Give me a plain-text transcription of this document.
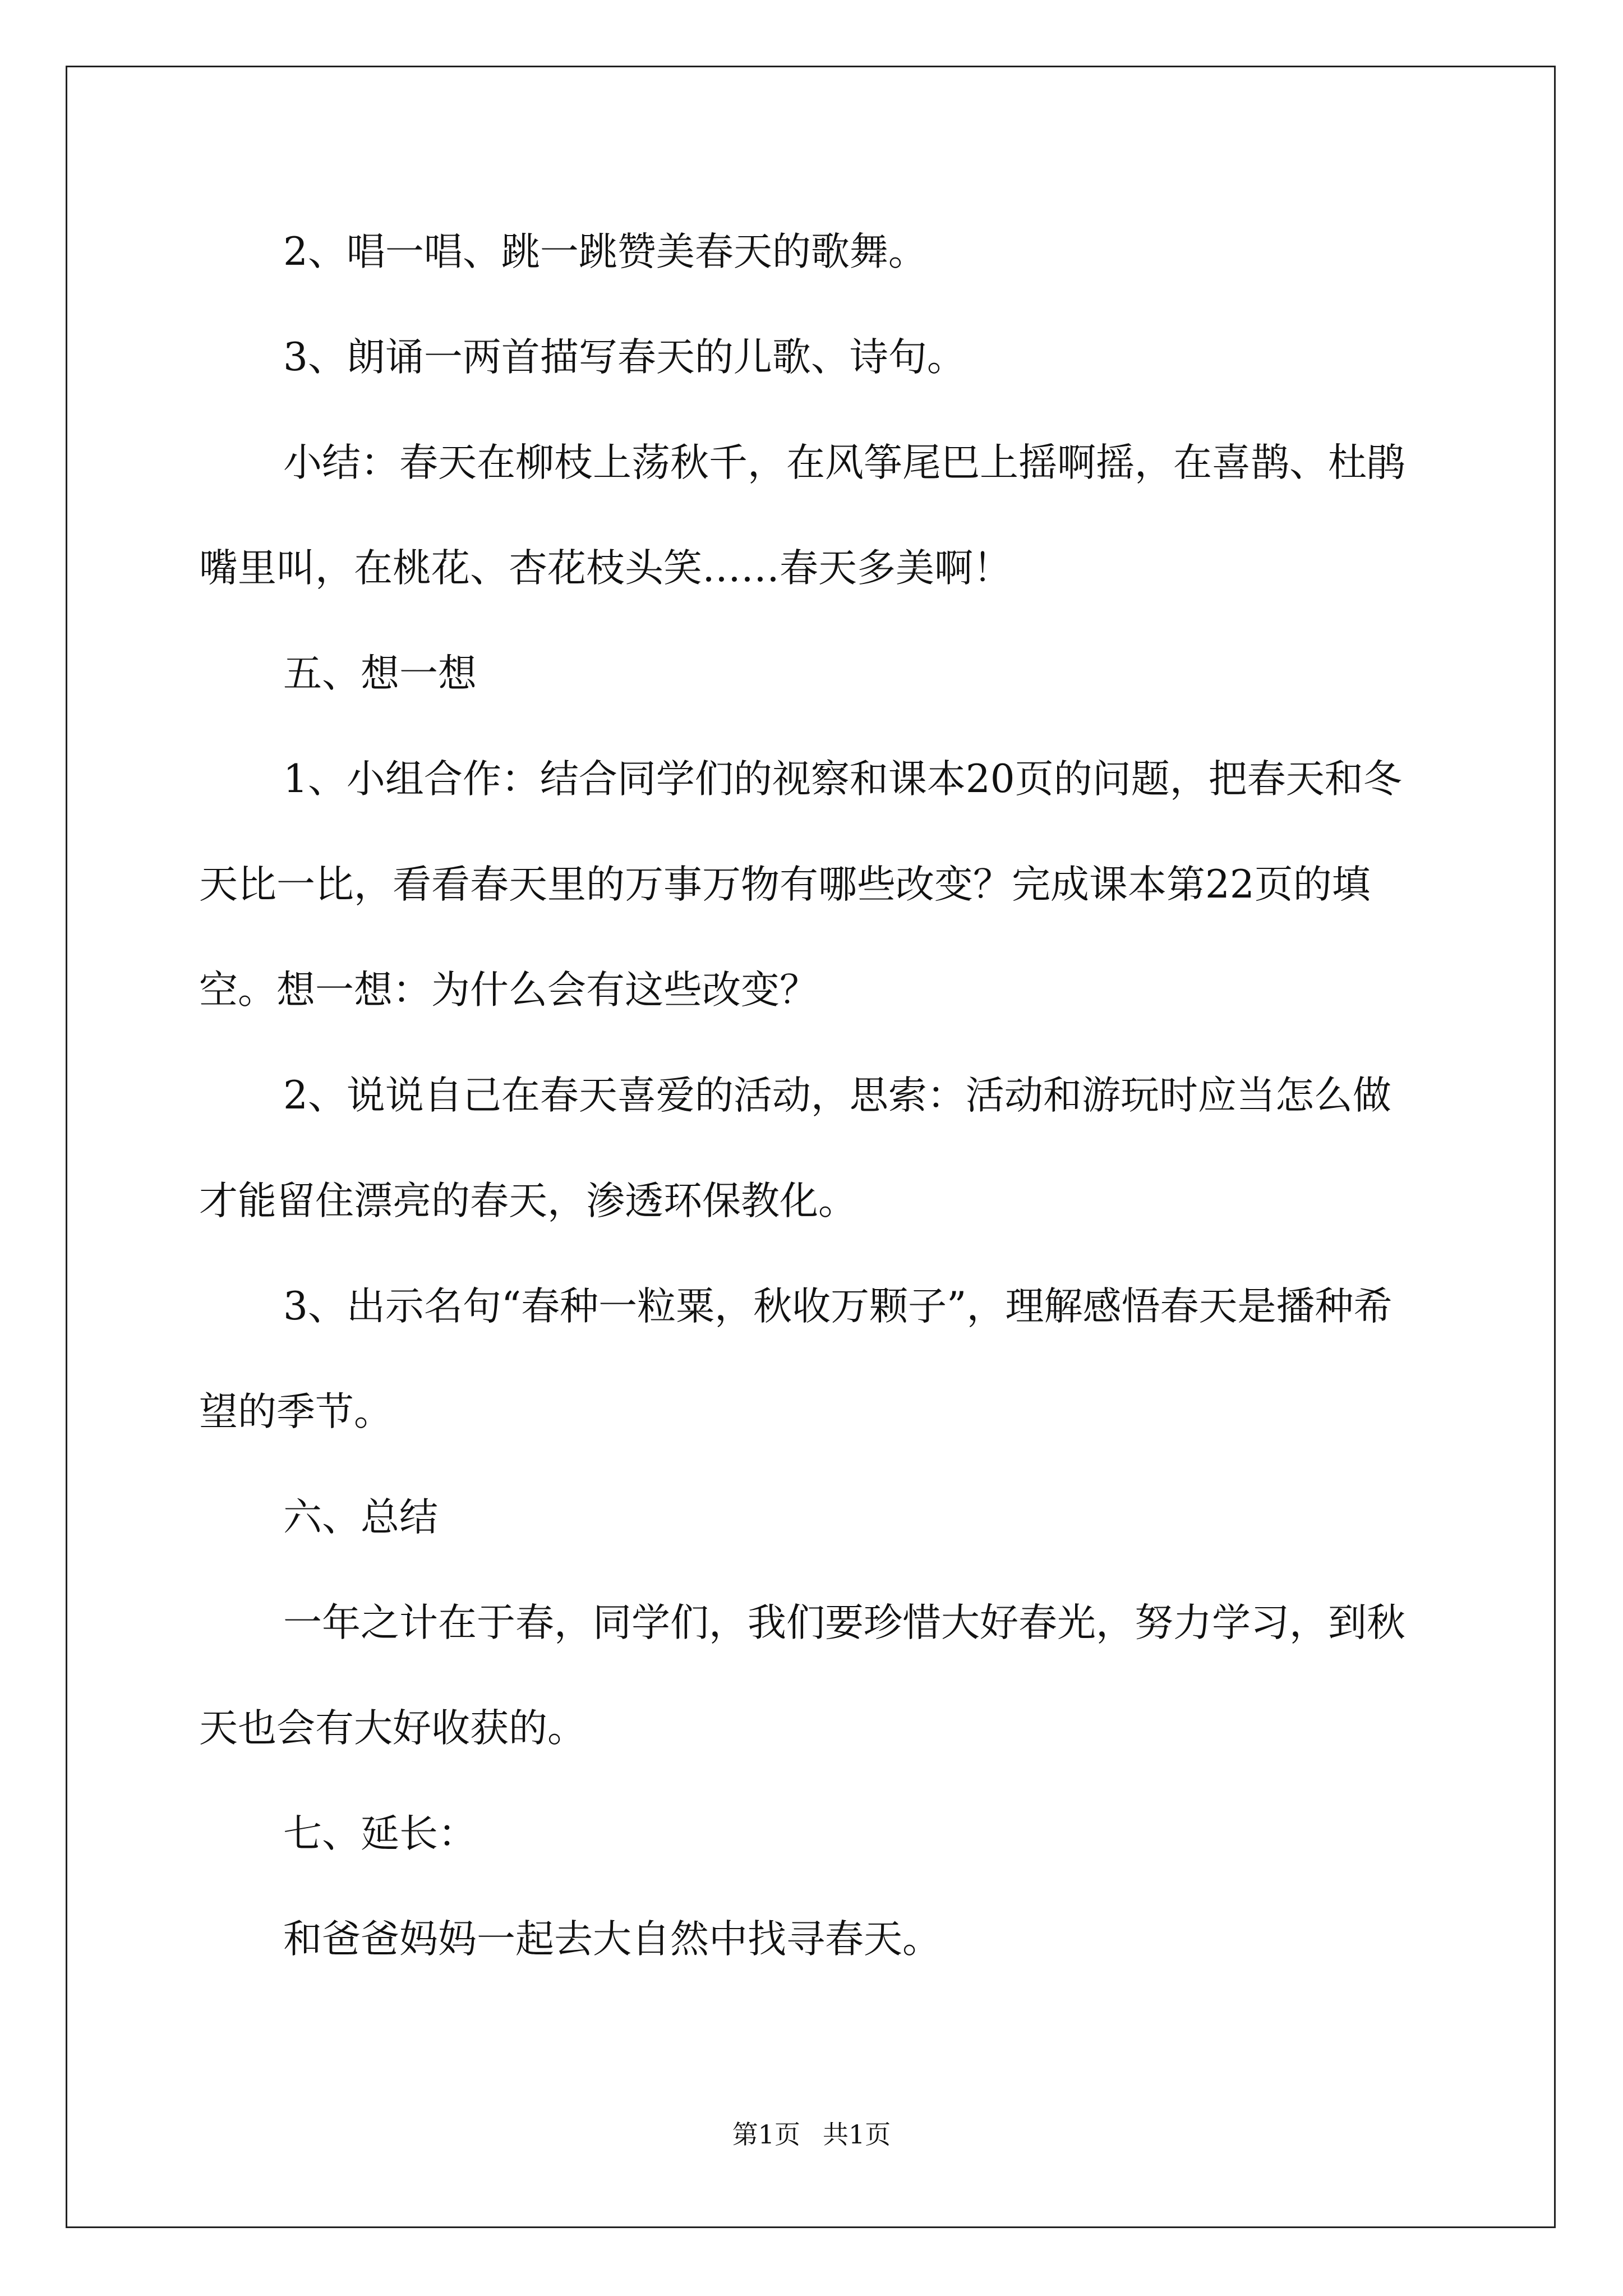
2、唱一唱、跳一跳赞美春天的歌舞。

3、朗诵一两首描写春天的儿歌、诗句。

小结：春天在柳枝上荡秋千，在风筝尾巴上摇啊摇，在喜鹊、杜鹃嘴里叫，在桃花、杏花枝头笑……春天多美啊！

五、想一想

1、小组合作：结合同学们的视察和课本20页的问题，把春天和冬天比一比，看看春天里的万事万物有哪些改变？完成课本第22页的填空。想一想：为什么会有这些改变？

2、说说自己在春天喜爱的活动，思索：活动和游玩时应当怎么做才能留住漂亮的春天，渗透环保教化。

3、出示名句“春种一粒粟，秋收万颗子”，理解感悟春天是播种希望的季节。

六、总结

一年之计在于春，同学们，我们要珍惜大好春光，努力学习，到秋天也会有大好收获的。

七、延长：

和爸爸妈妈一起去大自然中找寻春天。

第1页 共1页
